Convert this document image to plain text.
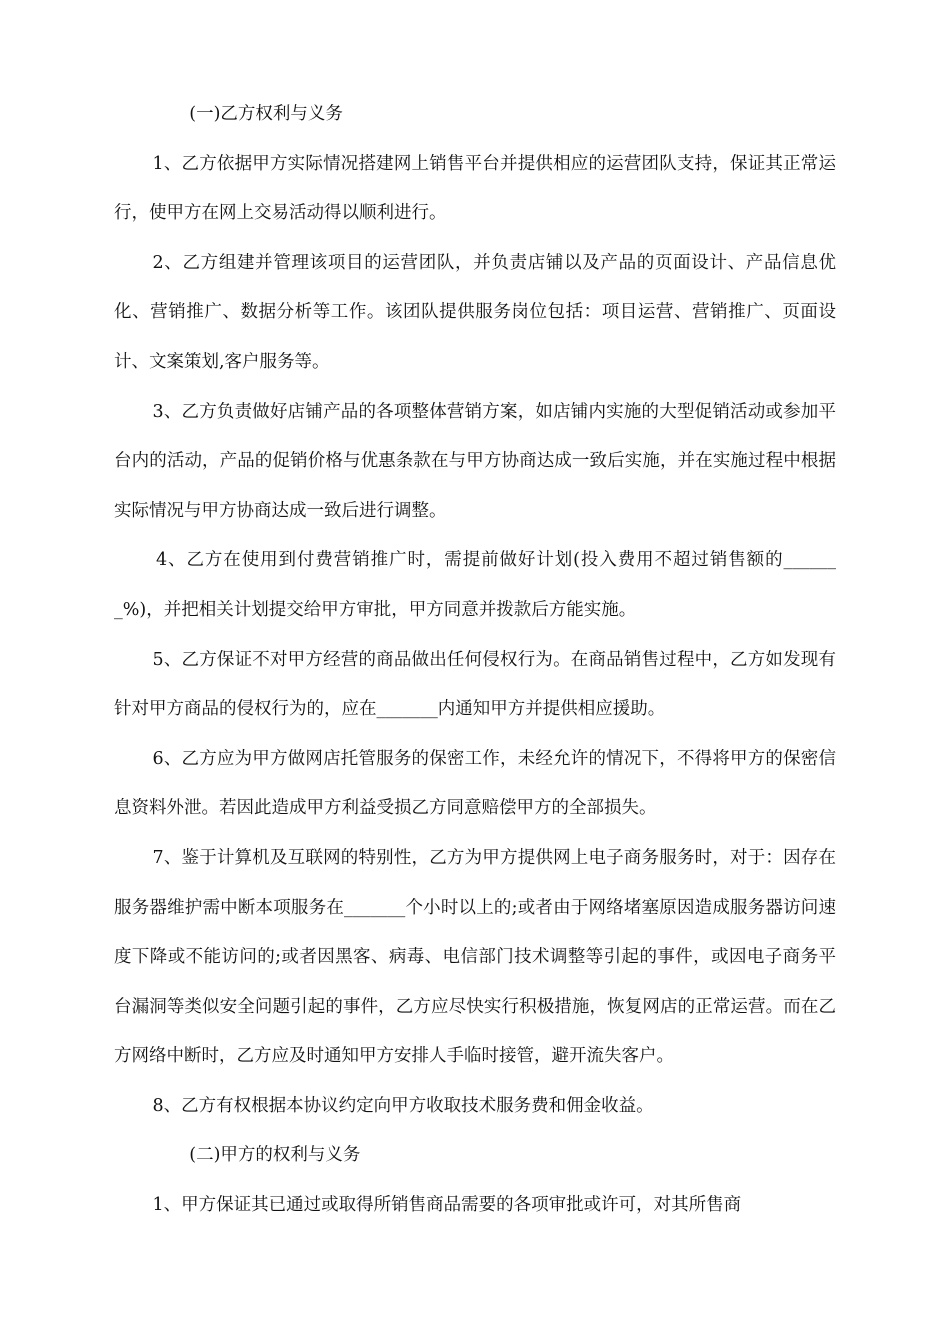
(一)乙方权利与义务

1、乙方依据甲方实际情况搭建网上销售平台并提供相应的运营团队支持，保证其正常运行，使甲方在网上交易活动得以顺利进行。

2、乙方组建并管理该项目的运营团队，并负责店铺以及产品的页面设计、产品信息优化、营销推广、数据分析等工作。该团队提供服务岗位包括：项目运营、营销推广、页面设计、文案策划,客户服务等。

3、乙方负责做好店铺产品的各项整体营销方案，如店铺内实施的大型促销活动或参加平台内的活动，产品的促销价格与优惠条款在与甲方协商达成一致后实施，并在实施过程中根据实际情况与甲方协商达成一致后进行调整。

4、乙方在使用到付费营销推广时，需提前做好计划(投入费用不超过销售额的_______%)，并把相关计划提交给甲方审批，甲方同意并拨款后方能实施。

5、乙方保证不对甲方经营的商品做出任何侵权行为。在商品销售过程中，乙方如发现有针对甲方商品的侵权行为的，应在_______内通知甲方并提供相应援助。

6、乙方应为甲方做网店托管服务的保密工作，未经允许的情况下，不得将甲方的保密信息资料外泄。若因此造成甲方利益受损乙方同意赔偿甲方的全部损失。

7、鉴于计算机及互联网的特别性，乙方为甲方提供网上电子商务服务时，对于：因存在服务器维护需中断本项服务在_______个小时以上的;或者由于网络堵塞原因造成服务器访问速度下降或不能访问的;或者因黑客、病毒、电信部门技术调整等引起的事件，或因电子商务平台漏洞等类似安全问题引起的事件，乙方应尽快实行积极措施，恢复网店的正常运营。而在乙方网络中断时，乙方应及时通知甲方安排人手临时接管，避开流失客户。

8、乙方有权根据本协议约定向甲方收取技术服务费和佣金收益。

(二)甲方的权利与义务

1、甲方保证其已通过或取得所销售商品需要的各项审批或许可，对其所售商
